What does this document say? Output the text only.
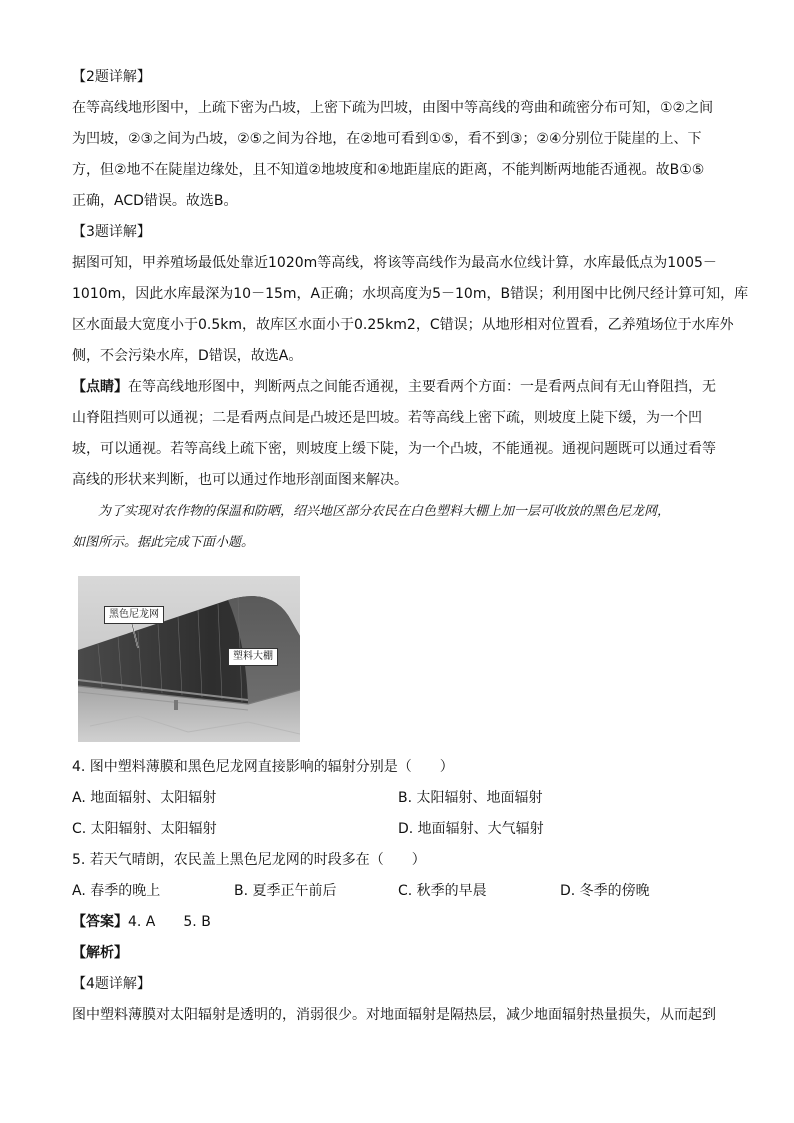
【2题详解】
在等高线地形图中，上疏下密为凸坡，上密下疏为凹坡，由图中等高线的弯曲和疏密分布可知，①②之间
为凹坡，②③之间为凸坡，②⑤之间为谷地，在②地可看到①⑤，看不到③；②④分别位于陡崖的上、下
方，但②地不在陡崖边缘处，且不知道②地坡度和④地距崖底的距离，不能判断两地能否通视。故B①⑤
正确，ACD错误。故选B。
【3题详解】
据图可知，甲养殖场最低处靠近1020m等高线，将该等高线作为最高水位线计算，水库最低点为1005－
1010m，因此水库最深为10－15m，A正确；水坝高度为5－10m，B错误；利用图中比例尺经计算可知，库
区水面最大宽度小于0.5km，故库区水面小于0.25km2，C错误；从地形相对位置看，乙养殖场位于水库外
侧，不会污染水库，D错误，故选A。
【点睛】在等高线地形图中，判断两点之间能否通视，主要看两个方面：一是看两点间有无山脊阻挡，无
山脊阻挡则可以通视；二是看两点间是凸坡还是凹坡。若等高线上密下疏，则坡度上陡下缓，为一个凹
坡，可以通视。若等高线上疏下密，则坡度上缓下陡，为一个凸坡，不能通视。通视问题既可以通过看等
高线的形状来判断，也可以通过作地形剖面图来解决。
为了实现对农作物的保温和防晒，绍兴地区部分农民在白色塑料大棚上加一层可收放的黑色尼龙网，
如图所示。据此完成下面小题。
黑色尼龙网
塑料大棚
4. 图中塑料薄膜和黑色尼龙网直接影响的辐射分别是（　　）
A. 地面辐射、太阳辐射	B. 太阳辐射、地面辐射
C. 太阳辐射、太阳辐射	D. 地面辐射、大气辐射
5. 若天气晴朗，农民盖上黑色尼龙网的时段多在（　　）
A. 春季的晚上	B. 夏季正午前后	C. 秋季的早晨	D. 冬季的傍晚
【答案】4. A　　5. B
【解析】
【4题详解】
图中塑料薄膜对太阳辐射是透明的，消弱很少。对地面辐射是隔热层，减少地面辐射热量损失，从而起到
